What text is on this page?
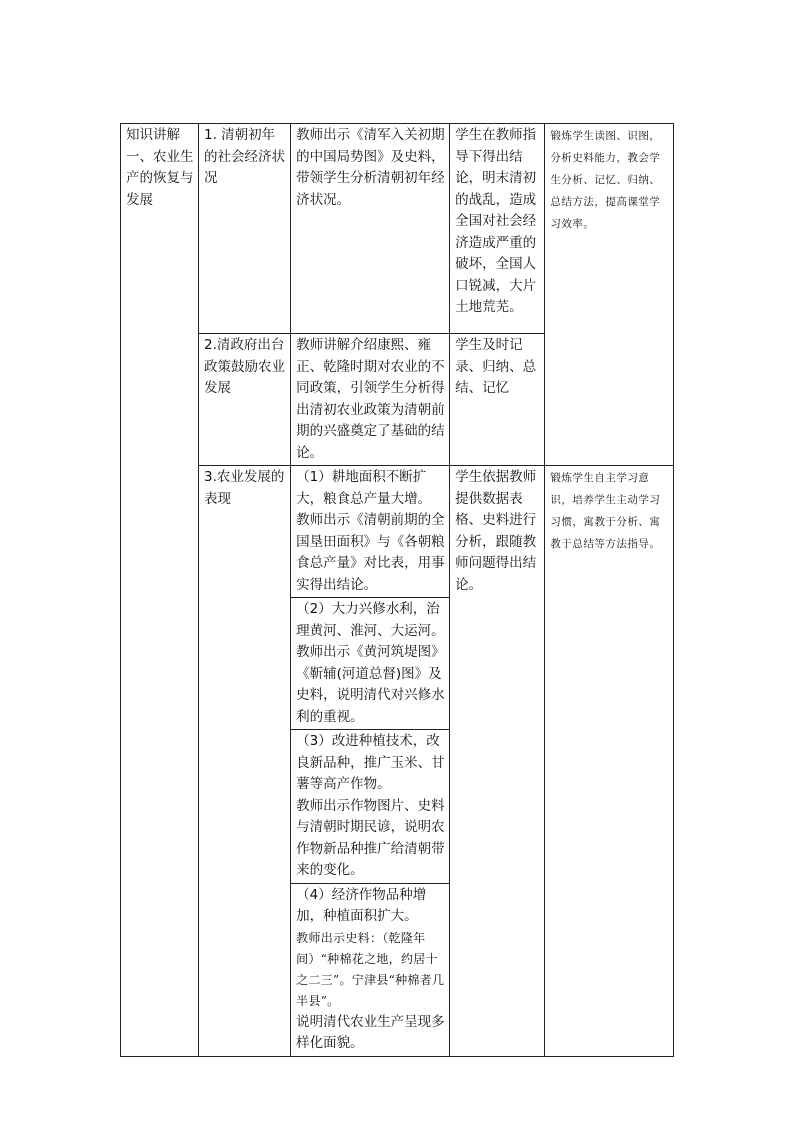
知识讲解一、农业生产的恢复与发展	1. 清朝初年的社会经济状况	教师出示《清军入关初期的中国局势图》及史料，带领学生分析清朝初年经济状况。	学生在教师指导下得出结论，明末清初的战乱，造成全国对社会经济造成严重的破坏，全国人口锐减，大片土地荒芜。	锻炼学生读图、识图，分析史料能力，教会学生分析、记忆、归纳、总结方法，提高课堂学习效率。
	2.清政府出台政策鼓励农业发展	教师讲解介绍康熙、雍正、乾隆时期对农业的不同政策，引领学生分析得出清初农业政策为清朝前期的兴盛奠定了基础的结论。	学生及时记录、归纳、总结、记忆	
	3.农业发展的表现	（1）耕地面积不断扩大，粮食总产量大增。
教师出示《清朝前期的全国垦田面积》与《各朝粮食总产量》对比表，用事实得出结论。	学生依据教师提供数据表格、史料进行分析，跟随教师问题得出结论。	锻炼学生自主学习意识，培养学生主动学习习惯，寓教于分析、寓教于总结等方法指导。

		（2）大力兴修水利，治理黄河、淮河、大运河。
教师出示《黄河筑堤图》《靳辅(河道总督)图》及史料，说明清代对兴修水利的重视。		

		（3）改进种植技术，改良新品种，推广玉米、甘薯等高产作物。
教师出示作物图片、史料与清朝时期民谚，说明农作物新品种推广给清朝带来的变化。		

		（4）经济作物品种增加，种植面积扩大。
教师出示史料：（乾隆年间）“种棉花之地，约居十之二三”。宁津县“种棉者几半县”。
说明清代农业生产呈现多样化面貌。		
